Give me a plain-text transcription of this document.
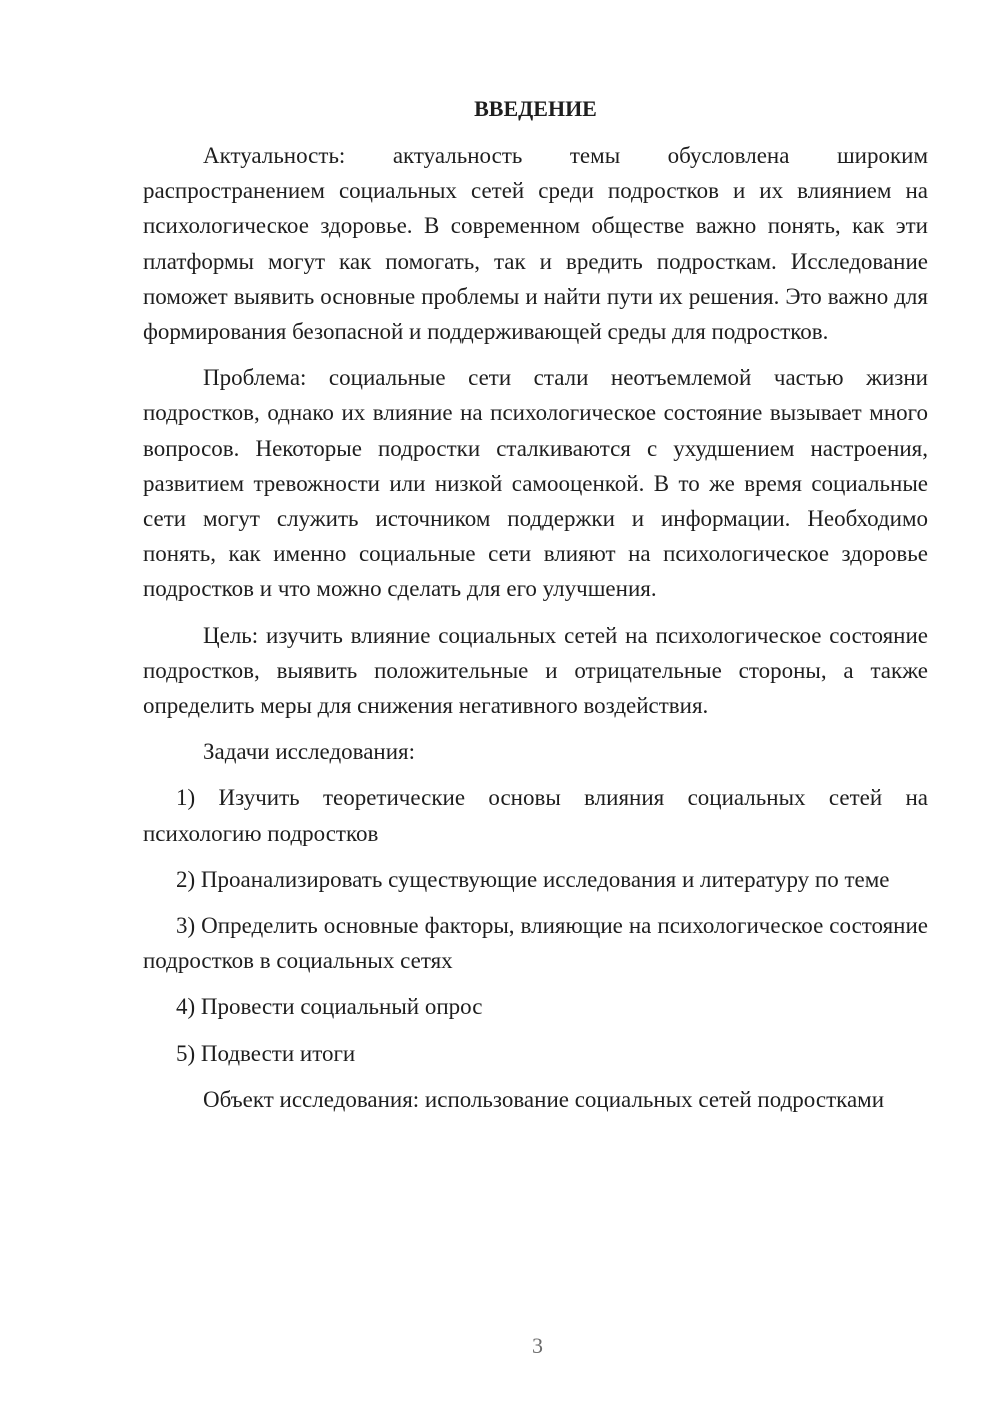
ВВЕДЕНИЕ

Актуальность: актуальность темы обусловлена широким распространением социальных сетей среди подростков и их влиянием на психологическое здоровье. В современном обществе важно понять, как эти платформы могут как помогать, так и вредить подросткам. Исследование поможет выявить основные проблемы и найти пути их решения. Это важно для формирования безопасной и поддерживающей среды для подростков.

Проблема: социальные сети стали неотъемлемой частью жизни подростков, однако их влияние на психологическое состояние вызывает много вопросов. Некоторые подростки сталкиваются с ухудшением настроения, развитием тревожности или низкой самооценкой. В то же время социальные сети могут служить источником поддержки и информации. Необходимо понять, как именно социальные сети влияют на психологическое здоровье подростков и что можно сделать для его улучшения.

Цель: изучить влияние социальных сетей на психологическое состояние подростков, выявить положительные и отрицательные стороны, а также определить меры для снижения негативного воздействия.

Задачи исследования:

1) Изучить теоретические основы влияния социальных сетей на психологию подростков

2) Проанализировать существующие исследования и литературу по теме

3) Определить основные факторы, влияющие на психологическое состояние подростков в социальных сетях

4) Провести социальный опрос

5) Подвести итоги

Объект исследования: использование социальных сетей подростками

3
